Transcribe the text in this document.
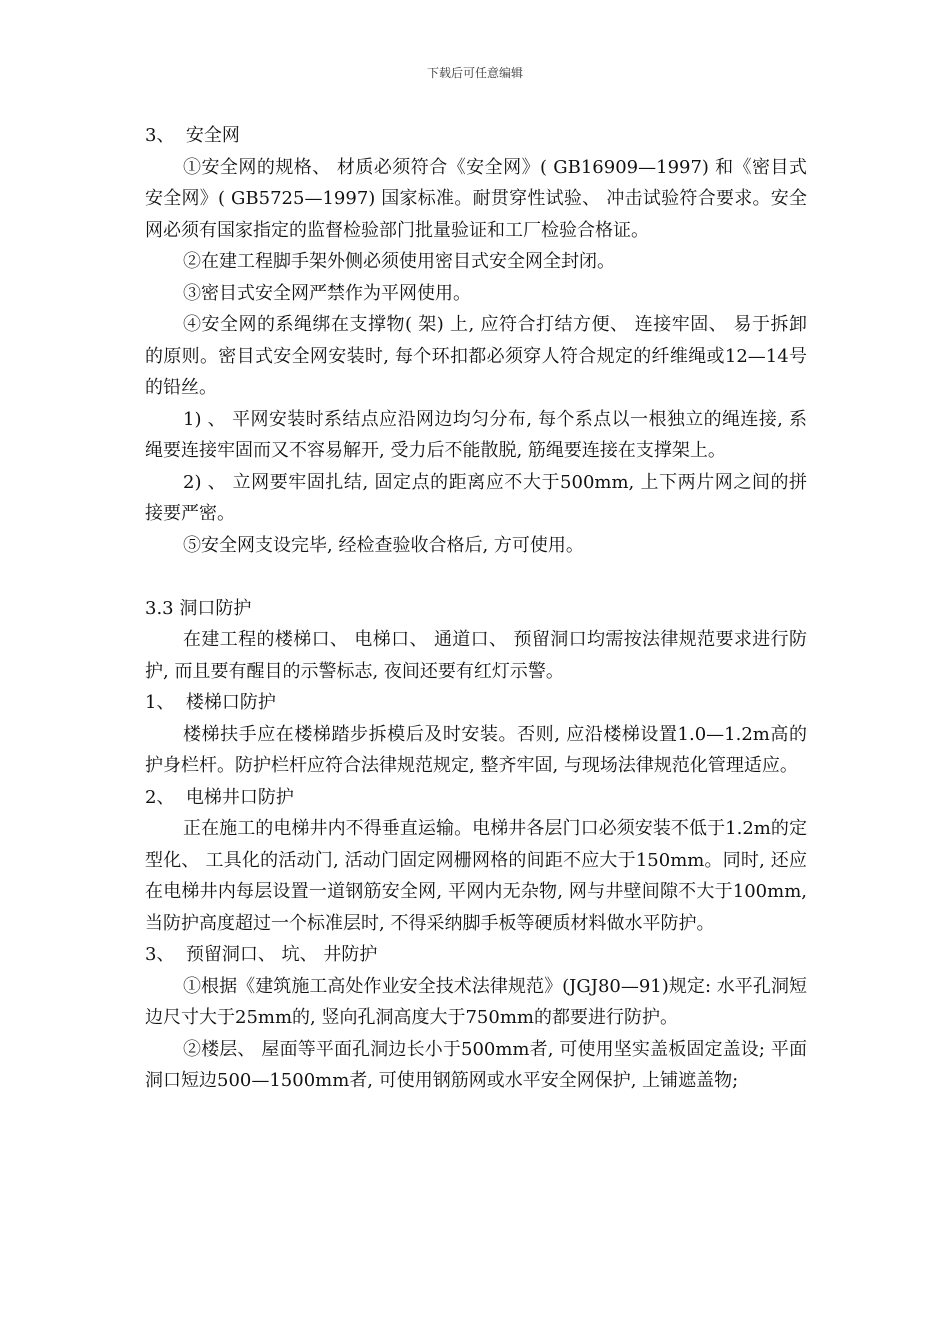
下载后可任意编辑

3、  安全网

①安全网的规格、 材质必须符合《安全网》( GB16909—1997) 和《密目式安全网》( GB5725—1997) 国家标准。耐贯穿性试验、 冲击试验符合要求。安全网必须有国家指定的监督检验部门批量验证和工厂检验合格证。

②在建工程脚手架外侧必须使用密目式安全网全封闭。

③密目式安全网严禁作为平网使用。

④安全网的系绳绑在支撑物( 架) 上, 应符合打结方便、 连接牢固、 易于拆卸的原则。密目式安全网安装时, 每个环扣都必须穿人符合规定的纤维绳或12—14号的铅丝。

1) 、 平网安装时系结点应沿网边均匀分布, 每个系点以一根独立的绳连接, 系绳要连接牢固而又不容易解开, 受力后不能散脱, 筋绳要连接在支撑架上。

2) 、 立网要牢固扎结, 固定点的距离应不大于500mm, 上下两片网之间的拼接要严密。

⑤安全网支设完毕, 经检查验收合格后, 方可使用。

3.3 洞口防护

在建工程的楼梯口、 电梯口、 通道口、 预留洞口均需按法律规范要求进行防护, 而且要有醒目的示警标志, 夜间还要有红灯示警。

1、  楼梯口防护

楼梯扶手应在楼梯踏步拆模后及时安装。否则, 应沿楼梯设置1.0—1.2m高的护身栏杆。防护栏杆应符合法律规范规定, 整齐牢固, 与现场法律规范化管理适应。

2、  电梯井口防护

正在施工的电梯井内不得垂直运输。电梯井各层门口必须安装不低于1.2m的定型化、 工具化的活动门, 活动门固定网栅网格的间距不应大于150mm。同时, 还应在电梯井内每层设置一道钢筋安全网, 平网内无杂物, 网与井壁间隙不大于100mm, 当防护高度超过一个标准层时, 不得采纳脚手板等硬质材料做水平防护。

3、  预留洞口、 坑、 井防护

①根据《建筑施工高处作业安全技术法律规范》(JGJ80—91)规定: 水平孔洞短边尺寸大于25mm的, 竖向孔洞高度大于750mm的都要进行防护。

②楼层、 屋面等平面孔洞边长小于500mm者, 可使用坚实盖板固定盖设; 平面洞口短边500—1500mm者, 可使用钢筋网或水平安全网保护, 上铺遮盖物;
